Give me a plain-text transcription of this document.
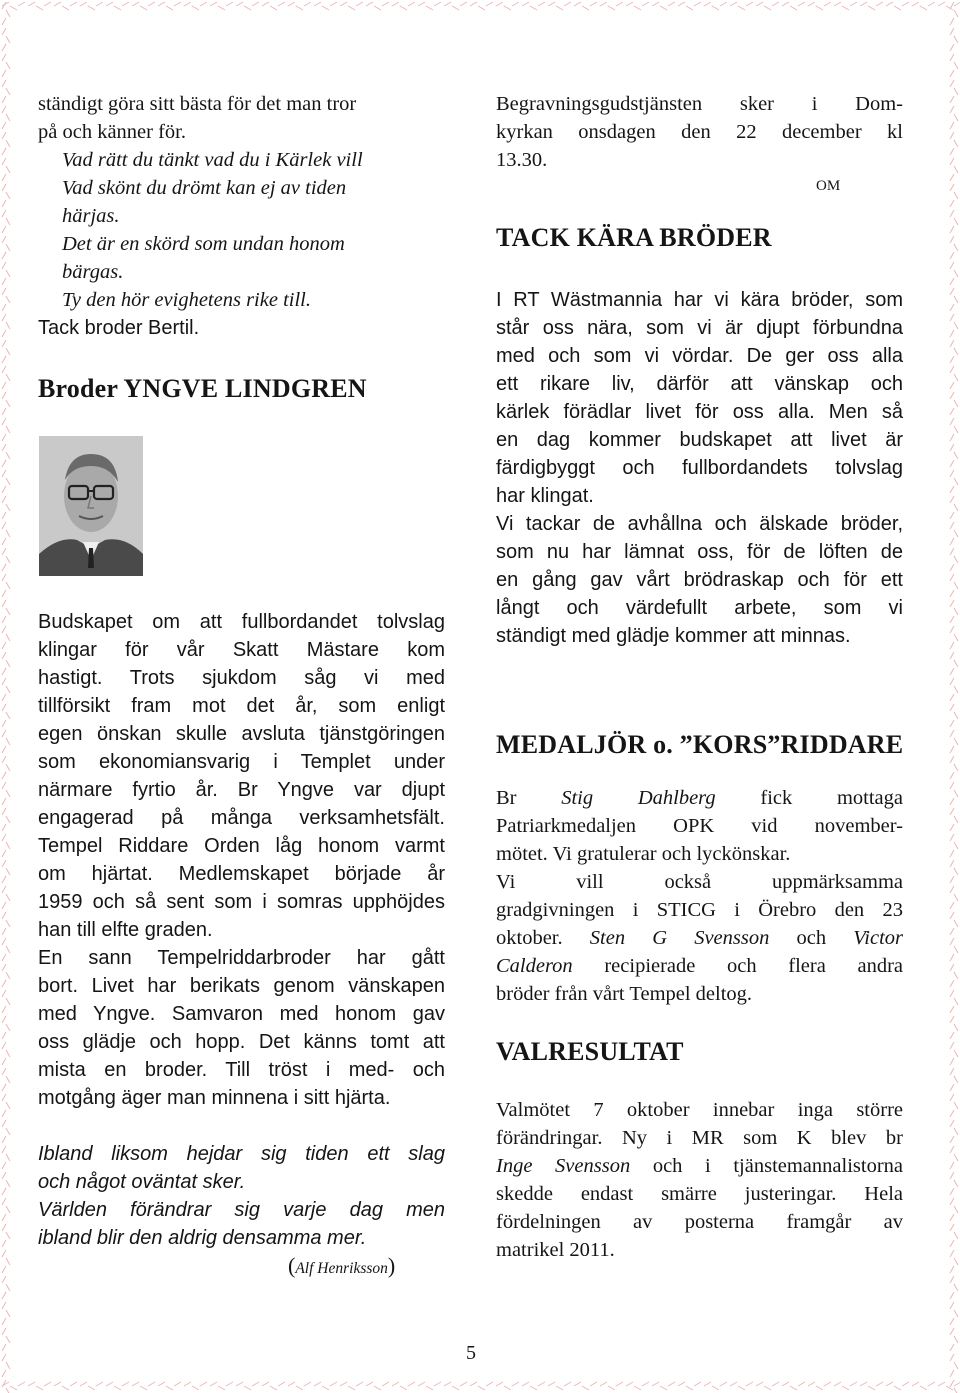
ständigt göra sitt bästa för det man tror
på och känner för.
Vad rätt du tänkt vad du i Kärlek vill
Vad skönt du drömt kan ej av tiden
härjas.
Det är en skörd som undan honom
bärgas.
Ty den hör evighetens rike till.
Tack broder Bertil.
Broder YNGVE LINDGREN
Budskapet om att fullbordandet tolvslag
klingar för vår Skatt Mästare kom
hastigt. Trots sjukdom såg vi med
tillförsikt fram mot det år, som enligt
egen önskan skulle avsluta tjänstgöringen
som ekonomiansvarig i Templet under
närmare fyrtio år. Br Yngve var djupt
engagerad på många verksamhetsfält.
Tempel Riddare Orden låg honom varmt
om hjärtat. Medlemskapet började år
1959 och så sent som i somras upphöjdes
han till elfte graden.
En sann Tempelriddarbroder har gått
bort. Livet har berikats genom vänskapen
med Yngve. Samvaron med honom gav
oss glädje och hopp. Det känns tomt att
mista en broder. Till tröst i med- och
motgång äger man minnena i sitt hjärta.
Ibland liksom hejdar sig tiden ett slag
och något oväntat sker.
Världen förändrar sig varje dag men
ibland blir den aldrig densamma mer.
(Alf Henriksson)
Begravningsgudstjänsten sker i Dom-
kyrkan onsdagen den 22 december kl
13.30.
OM
TACK KÄRA BRÖDER
I RT Wästmannia har vi kära bröder, som
står oss nära, som vi är djupt förbundna
med och som vi vördar. De ger oss alla
ett rikare liv, därför att vänskap och
kärlek förädlar livet för oss alla. Men så
en dag kommer budskapet att livet är
färdigbyggt och fullbordandets tolvslag
har klingat.
Vi tackar de avhållna och älskade bröder,
som nu har lämnat oss, för de löften de
en gång gav vårt brödraskap och för ett
långt och värdefullt arbete, som vi
ständigt med glädje kommer att minnas.
MEDALJÖR o. ”KORS”RIDDARE
Br Stig Dahlberg fick mottaga
Patriarkmedaljen OPK vid november-
mötet. Vi gratulerar och lyckönskar.
Vi vill också uppmärksamma
gradgivningen i STICG i Örebro den 23
oktober. Sten G Svensson och Victor
Calderon recipierade och flera andra
bröder från vårt Tempel deltog.
VALRESULTAT
Valmötet 7 oktober innebar inga större
förändringar. Ny i MR som K blev br
Inge Svensson och i tjänstemannalistorna
skedde endast smärre justeringar. Hela
fördelningen av posterna framgår av
matrikel 2011.
5
